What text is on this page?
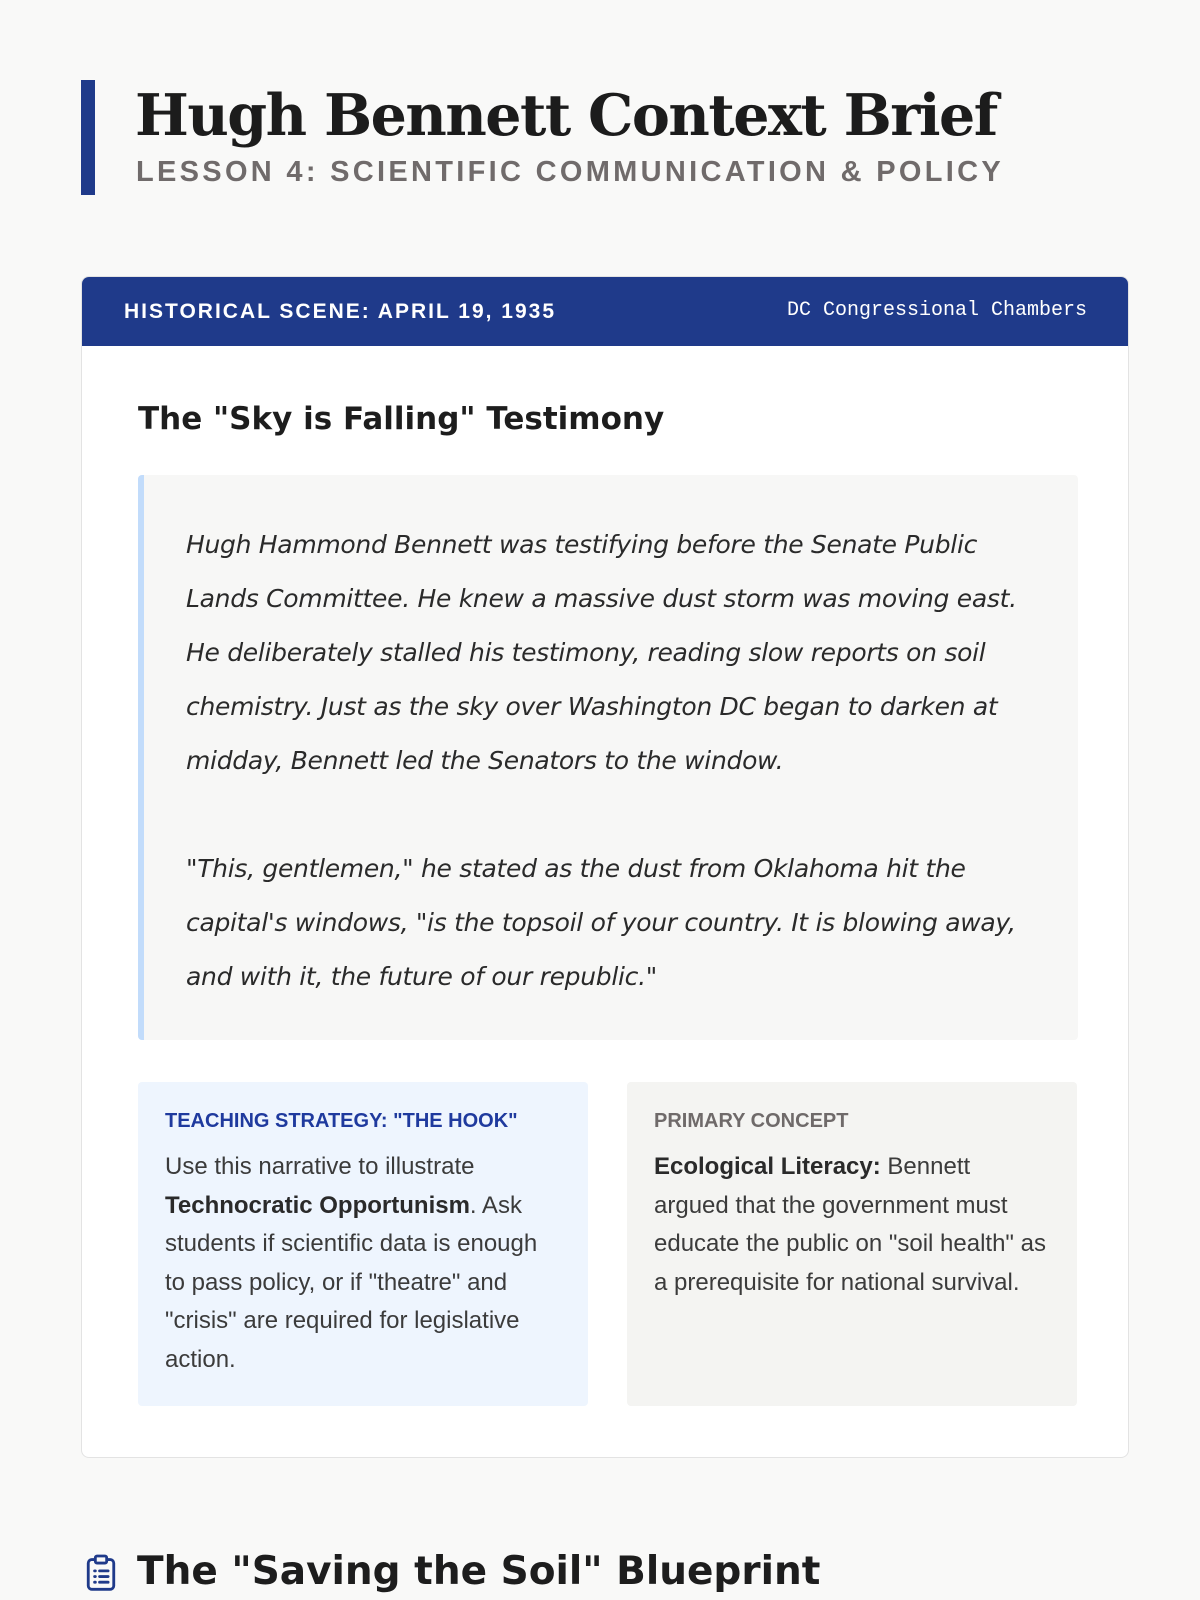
Hugh Bennett Context Brief
LESSON 4: SCIENTIFIC COMMUNICATION & POLICY
HISTORICAL SCENE: APRIL 19, 1935	DC Congressional Chambers
The "Sky is Falling" Testimony

Hugh Hammond Bennett was testifying before the Senate Public Lands Committee. He knew a massive dust storm was moving east. He deliberately stalled his testimony, reading slow reports on soil chemistry. Just as the sky over Washington DC began to darken at midday, Bennett led the Senators to the window.

"This, gentlemen," he stated as the dust from Oklahoma hit the capital's windows, "is the topsoil of your country. It is blowing away, and with it, the future of our republic."

TEACHING STRATEGY: "THE HOOK"

Use this narrative to illustrate Technocratic Opportunism. Ask students if scientific data is enough to pass policy, or if "theatre" and "crisis" are required for legislative action.

PRIMARY CONCEPT

Ecological Literacy: Bennett argued that the government must educate the public on "soil health" as a prerequisite for national survival.

The "Saving the Soil" Blueprint
